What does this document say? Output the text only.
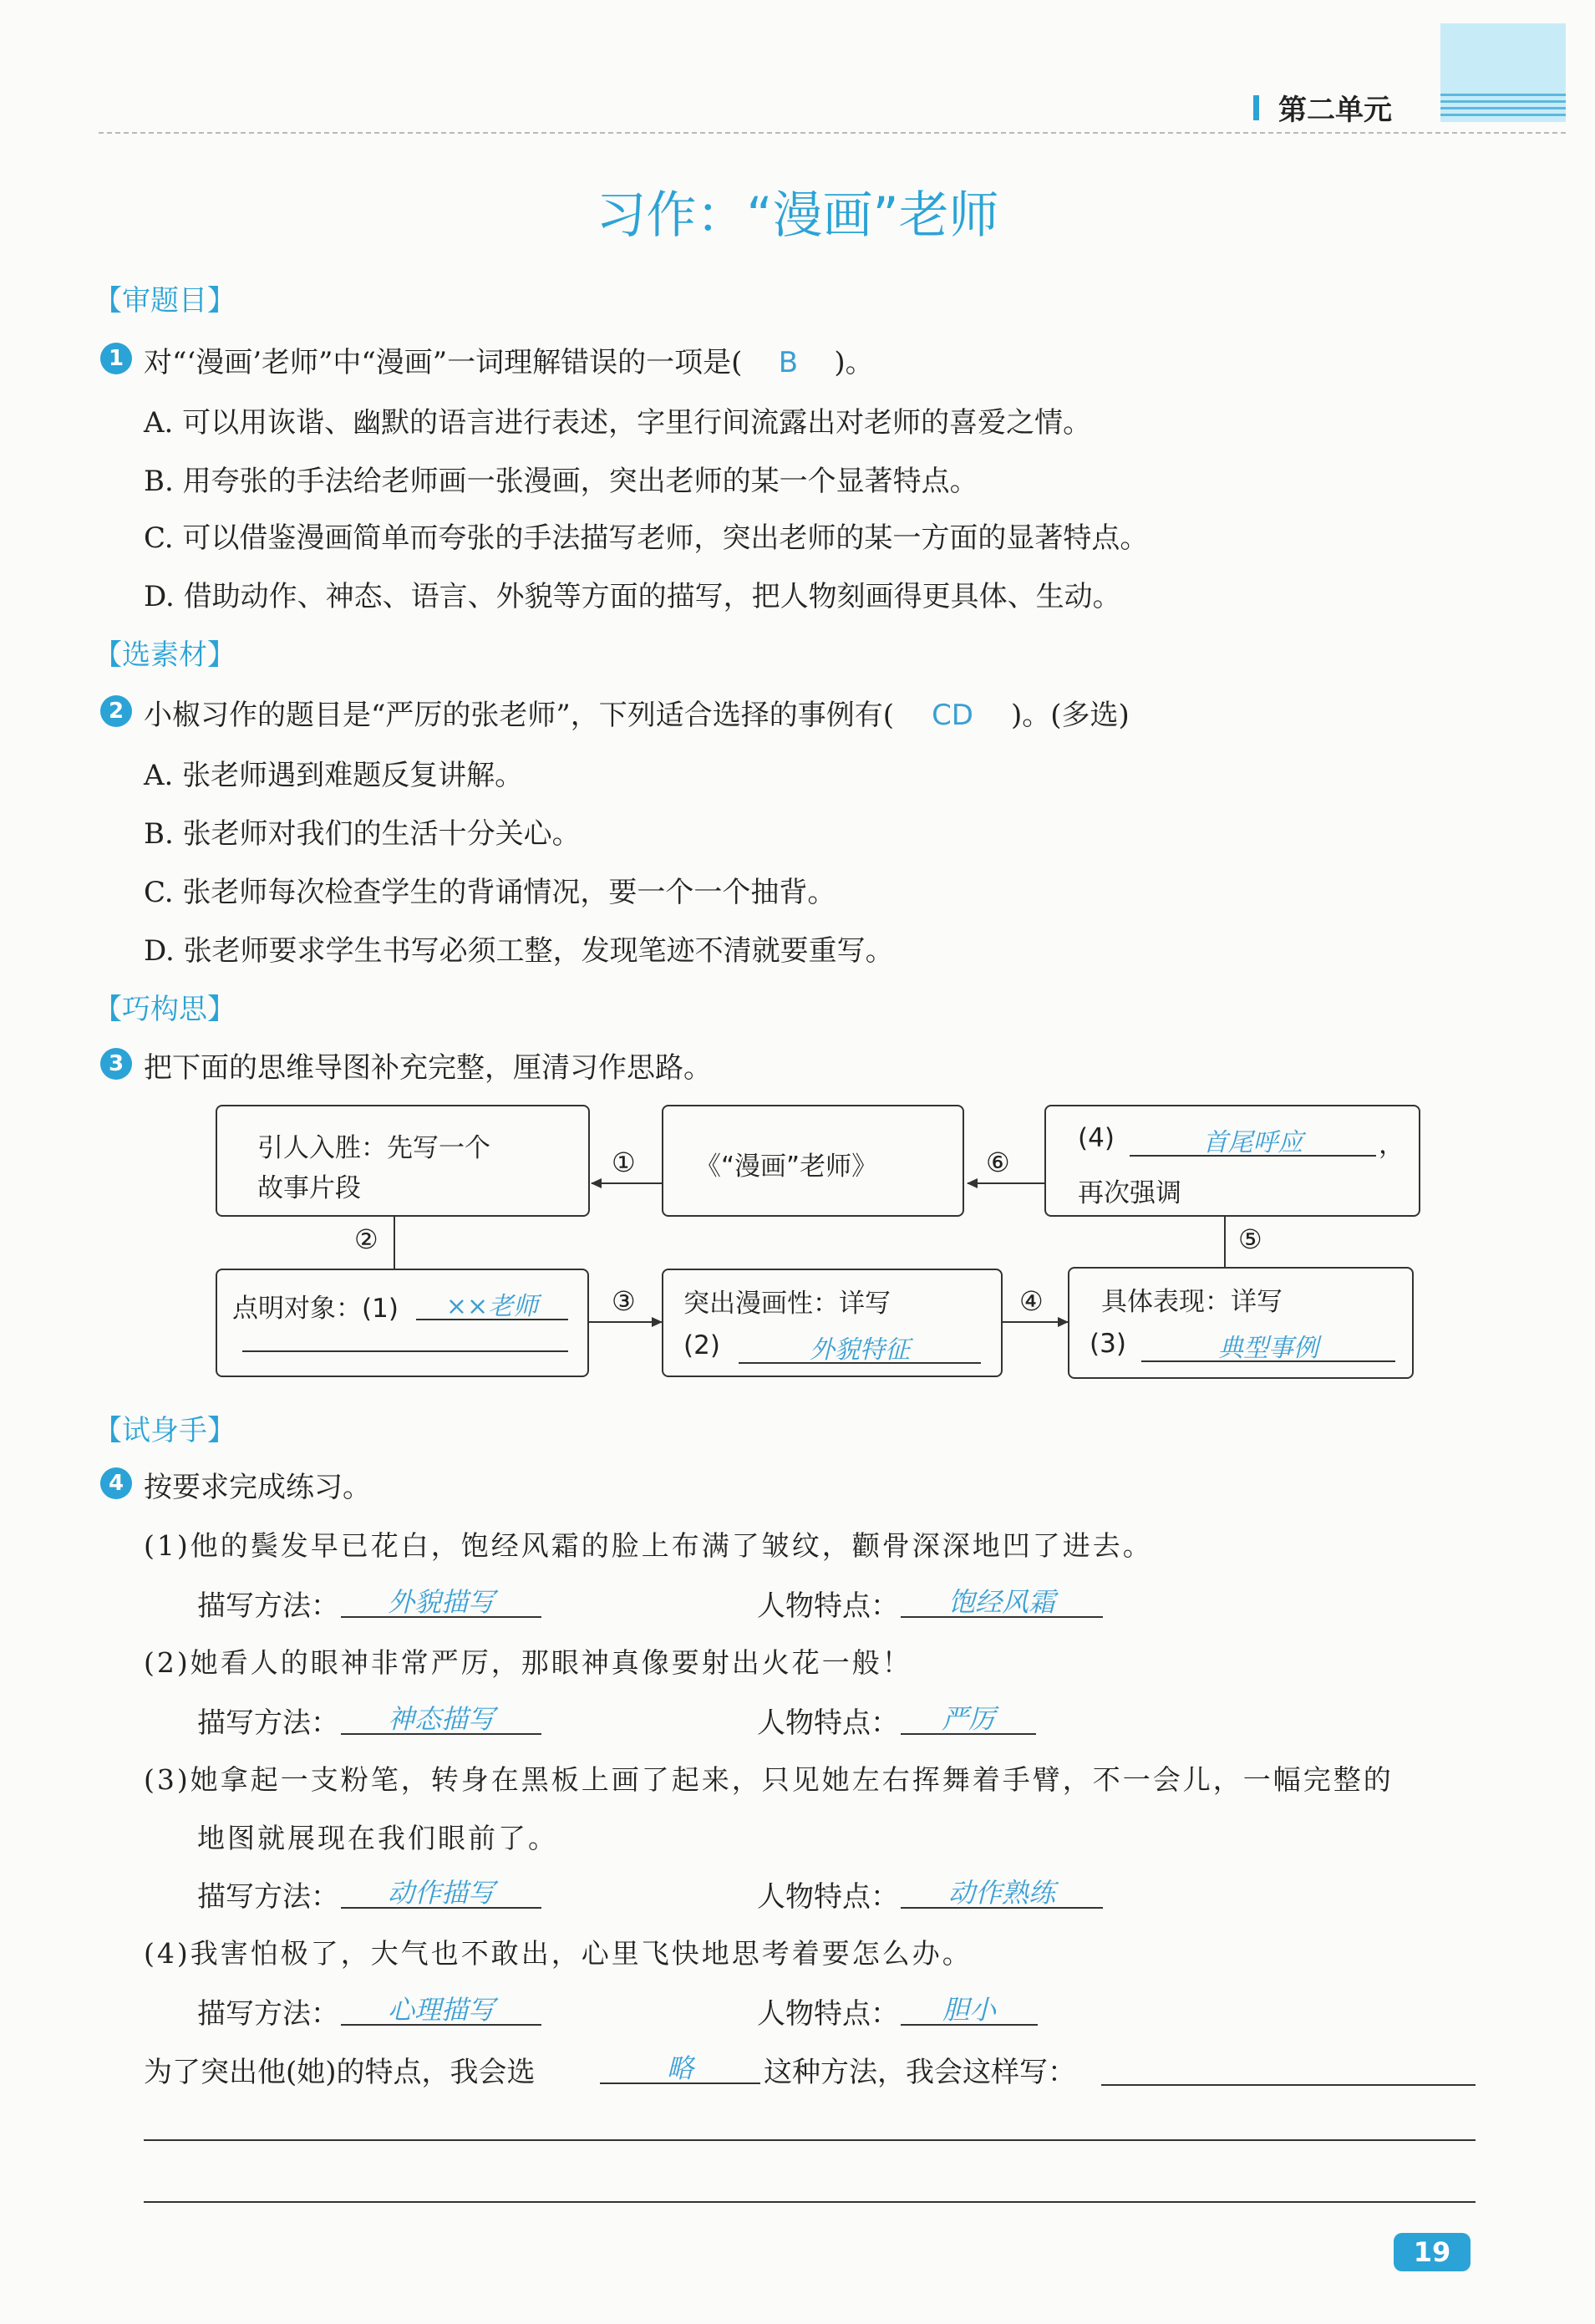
第二单元
习作：“漫画”老师
【审题目】
1 对“‘漫画’老师”中“漫画”一词理解错误的一项是( B )。
A. 可以用诙谐、幽默的语言进行表述，字里行间流露出对老师的喜爱之情。
B. 用夸张的手法给老师画一张漫画，突出老师的某一个显著特点。
C. 可以借鉴漫画简单而夸张的手法描写老师，突出老师的某一方面的显著特点。
D. 借助动作、神态、语言、外貌等方面的描写，把人物刻画得更具体、生动。
【选素材】
2 小椒习作的题目是“严厉的张老师”，下列适合选择的事例有( CD )。(多选)
A. 张老师遇到难题反复讲解。
B. 张老师对我们的生活十分关心。
C. 张老师每次检查学生的背诵情况，要一个一个抽背。
D. 张老师要求学生书写必须工整，发现笔迹不清就要重写。
【巧构思】
3 把下面的思维导图补充完整，厘清习作思路。
引人入胜：先写一个
故事片段
《“漫画”老师》
(4)	首尾呼应	，
再次强调
点明对象：(1)	××老师	突出漫画性：详写
(2)	外貌特征
具体表现：详写
(3)	典型事例
①	⑥
②
③	④
⑤
【试身手】
4 按要求完成练习。
(1)他的鬓发早已花白，饱经风霜的脸上布满了皱纹，颧骨深深地凹了进去。
描写方法：	外貌描写	人物特点：	饱经风霜
(2)她看人的眼神非常严厉，那眼神真像要射出火花一般！
描写方法：	神态描写	人物特点：	严厉
(3)她拿起一支粉笔，转身在黑板上画了起来，只见她左右挥舞着手臂，不一会儿，一幅完整的
地图就展现在我们眼前了。
描写方法：	动作描写	人物特点：	动作熟练
(4)我害怕极了，大气也不敢出，心里飞快地思考着要怎么办。
描写方法：	心理描写	人物特点：	胆小
为了突出他(她)的特点，我会选	略	这种方法，我会这样写：
19
